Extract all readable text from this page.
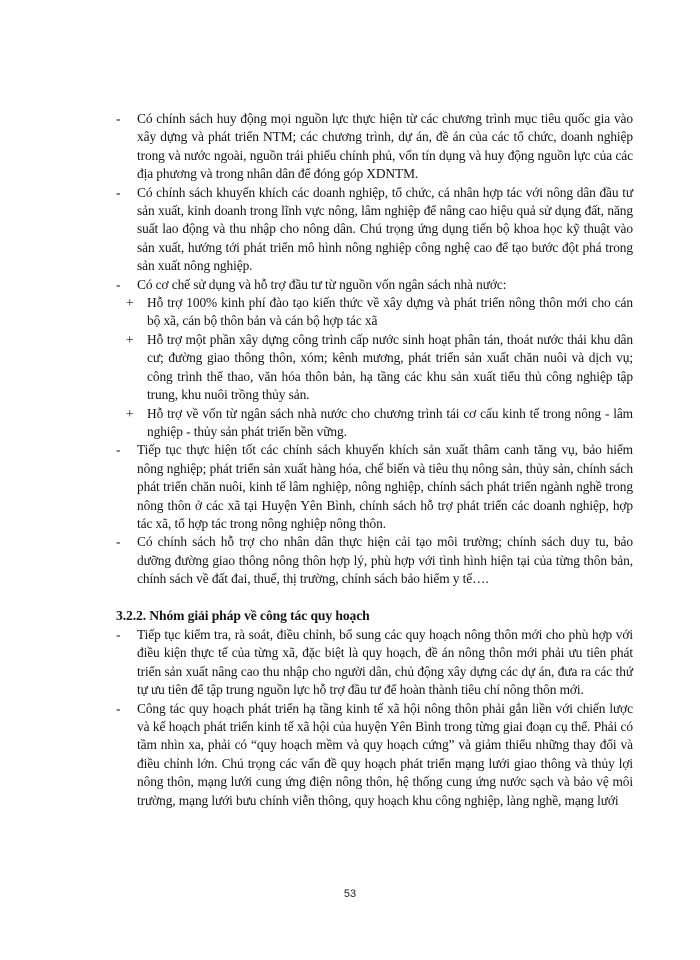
-	Có chính sách huy động mọi nguồn lực thực hiện từ các chương trình mục tiêu quốc gia vào xây dựng và phát triển NTM; các chương trình, dự án, đề án của các tổ chức, doanh nghiệp trong và nước ngoài, nguồn trái phiếu chính phủ, vốn tín dụng và huy động nguồn lực của các địa phương và trong nhân dân để đóng góp XDNTM.
-	Có chính sách khuyến khích các doanh nghiệp, tổ chức, cá nhân hợp tác với nông dân đầu tư sản xuất, kinh doanh trong lĩnh vực nông, lâm nghiệp để nâng cao hiệu quả sử dụng đất, năng suất lao động và thu nhập cho nông dân. Chú trọng ứng dụng tiến bộ khoa học kỹ thuật vào sản xuất, hướng tới phát triển mô hình nông nghiệp công nghệ cao để tạo bước đột phá trong sản xuất nông nghiệp.
-	Có cơ chế sử dụng và hỗ trợ đầu tư từ nguồn vốn ngân sách nhà nước:
+	Hỗ trợ 100% kinh phí đào tạo kiến thức về xây dựng và phát triển nông thôn mới cho cán bộ xã, cán bộ thôn bản và cán bộ hợp tác xã
+	Hỗ trợ một phần xây dựng công trình cấp nước sinh hoạt phân tán, thoát nước thải khu dân cư; đường giao thông thôn, xóm; kênh mương, phát triển sản xuất chăn nuôi và dịch vụ; công trình thể thao, văn hóa thôn bản, hạ tầng các khu sản xuất tiểu thủ công nghiệp tập trung, khu nuôi trồng thủy sản.
+	Hỗ trợ về vốn từ ngân sách nhà nước cho chương trình tái cơ cấu kinh tế trong nông - lâm nghiệp - thủy sản phát triển bền vững.
-	Tiếp tục thực hiện tốt các chính sách khuyến khích sản xuất thâm canh tăng vụ, bảo hiểm nông nghiệp; phát triển sản xuất hàng hóa, chế biến và tiêu thụ nông sản, thủy sản, chính sách phát triển chăn nuôi, kinh tế lâm nghiệp, nông nghiệp, chính sách phát triển ngành nghề trong nông thôn ở các xã tại Huyện Yên Bình, chính sách hỗ trợ phát triển các doanh nghiệp, hợp tác xã, tổ hợp tác trong nông nghiệp nông thôn.
-	Có chính sách hỗ trợ cho nhân dân thực hiện cải tạo môi trường; chính sách duy tu, bảo dưỡng đường giao thông nông thôn hợp lý, phù hợp với tình hình hiện tại của từng thôn bản, chính sách về đất đai, thuế, thị trường, chính sách bảo hiểm y tế….
3.2.2. Nhóm giải pháp về công tác quy hoạch
-	Tiếp tục kiểm tra, rà soát, điều chỉnh, bổ sung các quy hoạch nông thôn mới cho phù hợp với điều kiện thực tế của từng xã, đặc biệt là quy hoạch, đề án nông thôn mới phải ưu tiên phát triển sản xuất nâng cao thu nhập cho người dân, chủ động xây dựng các dự án, đưa ra các thứ tự ưu tiên để tập trung nguồn lực hỗ trợ đầu tư để hoàn thành tiêu chí nông thôn mới.
-	Công tác quy hoạch phát triển hạ tầng kinh tế xã hội nông thôn phải gắn liền với chiến lược và kế hoạch phát triển kinh tế xã hội của huyện Yên Bình trong từng giai đoạn cụ thể. Phải có tầm nhìn xa, phải có “quy hoạch mềm và quy hoạch cứng” và giảm thiểu những thay đổi và điều chỉnh lớn. Chú trọng các vấn đề quy hoạch phát triển mạng lưới giao thông và thủy lợi nông thôn, mạng lưới cung ứng điện nông thôn, hệ thống cung ứng nước sạch và bảo vệ môi trường, mạng lưới bưu chính viễn thông, quy hoạch khu công nghiệp, làng nghề, mạng lưới
53
